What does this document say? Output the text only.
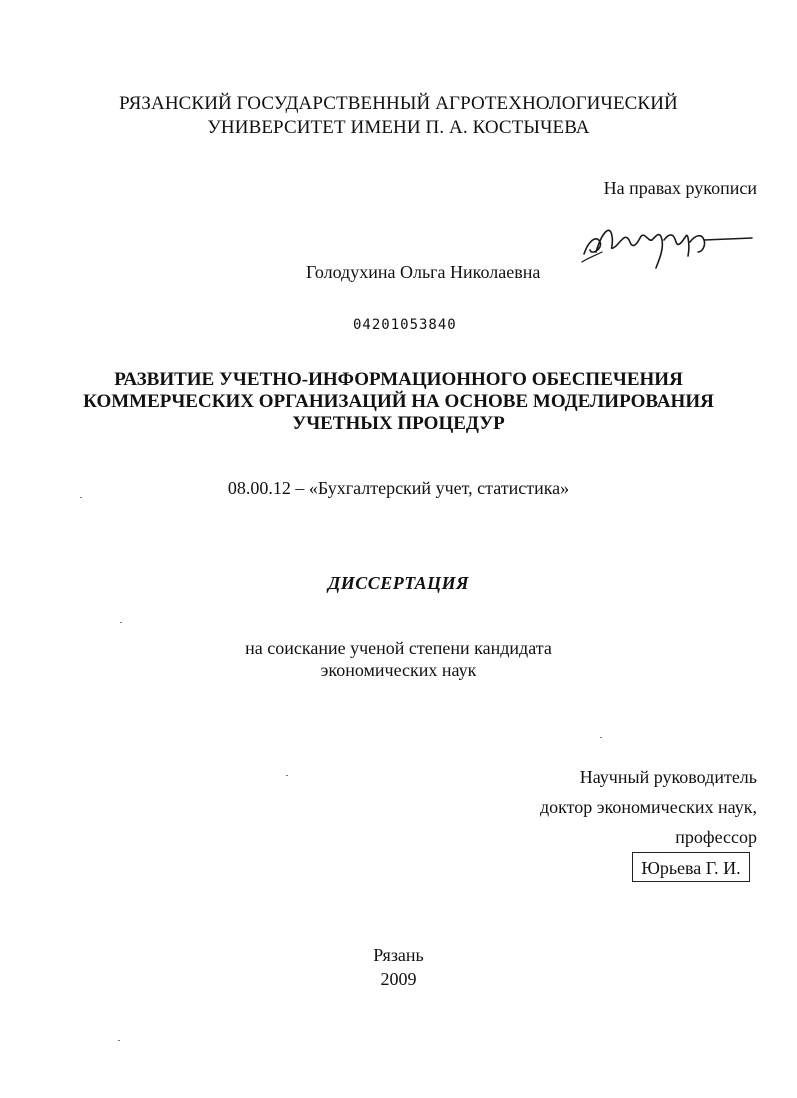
РЯЗАНСКИЙ ГОСУДАРСТВЕННЫЙ АГРОТЕХНОЛОГИЧЕСКИЙ
УНИВЕРСИТЕТ ИМЕНИ П. А. КОСТЫЧЕВА
На правах рукописи
Голодухина Ольга Николаевна
04201053840
РАЗВИТИЕ УЧЕТНО-ИНФОРМАЦИОННОГО ОБЕСПЕЧЕНИЯ
КОММЕРЧЕСКИХ ОРГАНИЗАЦИЙ НА ОСНОВЕ МОДЕЛИРОВАНИЯ
УЧЕТНЫХ ПРОЦЕДУР
08.00.12 – «Бухгалтерский учет, статистика»
ДИССЕРТАЦИЯ
на соискание ученой степени кандидата
экономических наук
Научный руководитель
доктор экономических наук,
профессор
Юрьева Г. И.
Рязань
2009
